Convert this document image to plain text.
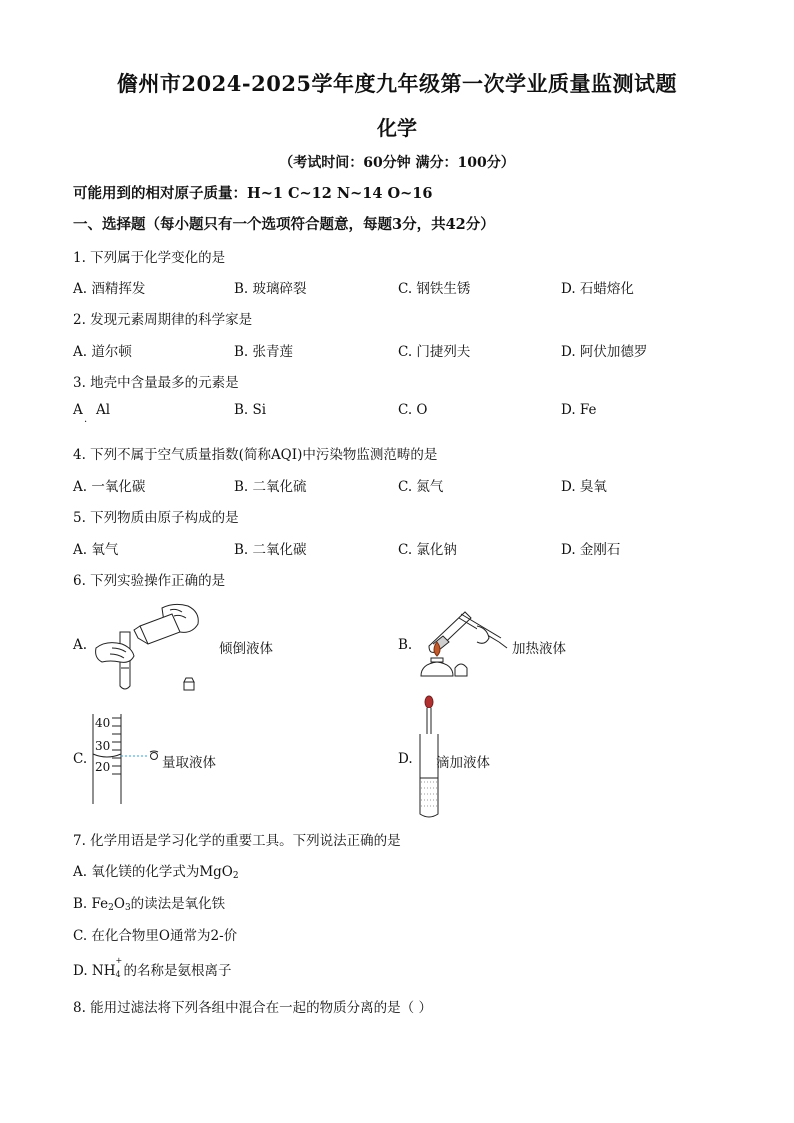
儋州市2024-2025学年度九年级第一次学业质量监测试题
化学
（考试时间：60分钟 满分：100分）
可能用到的相对原子质量：H~1 C~12 N~14 O~16
一、选择题（每小题只有一个选项符合题意，每题3分，共42分）
1. 下列属于化学变化的是
A. 酒精挥发	B. 玻璃碎裂	C. 钢铁生锈	D. 石蜡熔化
2. 发现元素周期律的科学家是
A. 道尔顿	B. 张青莲	C. 门捷列夫	D. 阿伏加德罗
3. 地壳中含量最多的元素是
A
.
Al	B. Si	C. O	D. Fe
4. 下列不属于空气质量指数(简称AQI)中污染物监测范畴的是
A. 一氧化碳	B. 二氧化硫	C. 氮气	D. 臭氧
5. 下列物质由原子构成的是
A. 氧气	B. 二氧化碳	C. 氯化钠	D. 金刚石
6. 下列实验操作正确的是
A.	倾倒液体	B.	加热液体
C.
40
30
20	量取液体	D. 滴加液体
7. 化学用语是学习化学的重要工具。下列说法正确的是
A. 氧化镁的化学式为MgO$_2$
B. $Fe_2O_3$的读法是氧化铁
C. 在化合物里O通常为2-价
D. NH
+
4 的名称是氨根离子
8. 能用过滤法将下列各组中混合在一起的物质分离的是（ ）
